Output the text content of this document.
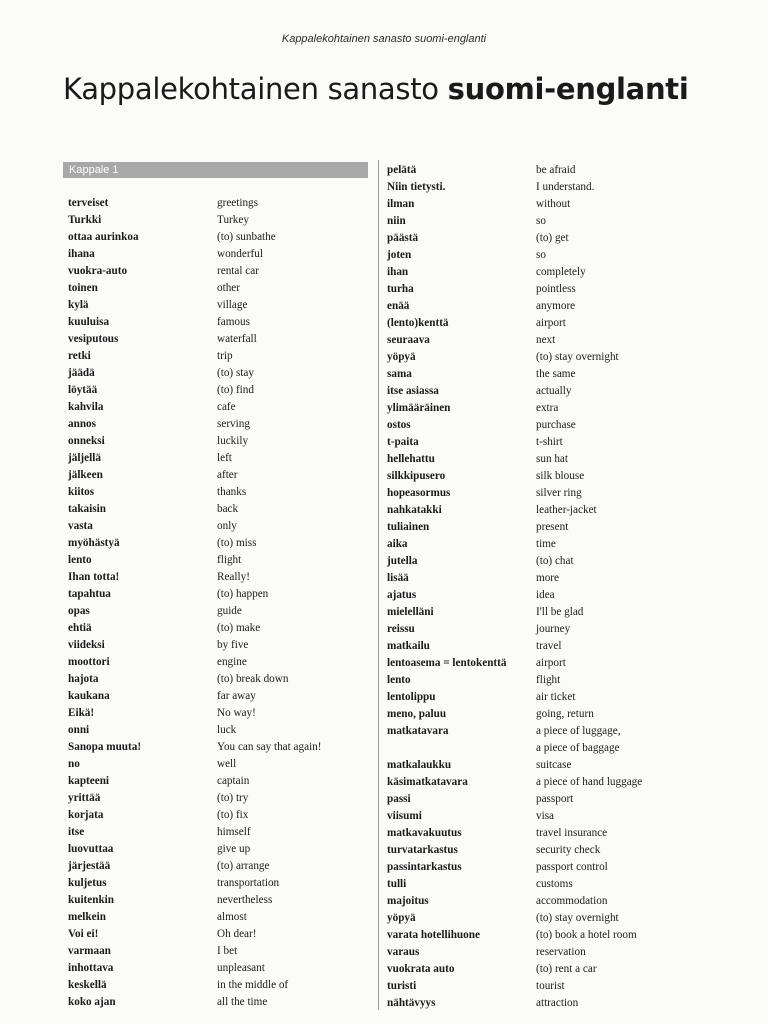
Kappalekohtainen sanasto suomi-englanti
Kappalekohtainen sanasto suomi-englanti
Kappale 1
terveiset	greetings
Turkki	Turkey
ottaa aurinkoa	(to) sunbathe
ihana	wonderful
vuokra-auto	rental car
toinen	other
kylä	village
kuuluisa	famous
vesiputous	waterfall
retki	trip
jäädä	(to) stay
löytää	(to) find
kahvila	cafe
annos	serving
onneksi	luckily
jäljellä	left
jälkeen	after
kiitos	thanks
takaisin	back
vasta	only
myöhästyä	(to) miss
lento	flight
Ihan totta!	Really!
tapahtua	(to) happen
opas	guide
ehtiä	(to) make
viideksi	by five
moottori	engine
hajota	(to) break down
kaukana	far away
Eikä!	No way!
onni	luck
Sanopa muuta!	You can say that again!
no	well
kapteeni	captain
yrittää	(to) try
korjata	(to) fix
itse	himself
luovuttaa	give up
järjestää	(to) arrange
kuljetus	transportation
kuitenkin	nevertheless
melkein	almost
Voi ei!	Oh dear!
varmaan	I bet
inhottava	unpleasant
keskellä	in the middle of
koko ajan	all the time
pelätä	be afraid
Niin tietysti.	I understand.
ilman	without
niin	so
päästä	(to) get
joten	so
ihan	completely
turha	pointless
enää	anymore
(lento)kenttä	airport
seuraava	next
yöpyä	(to) stay overnight
sama	the same
itse asiassa	actually
ylimääräinen	extra
ostos	purchase
t-paita	t-shirt
hellehattu	sun hat
silkkipusero	silk blouse
hopeasormus	silver ring
nahkatakki	leather-jacket
tuliainen	present
aika	time
jutella	(to) chat
lisää	more
ajatus	idea
mielelläni	I'll be glad
reissu	journey
matkailu	travel
lentoasema = lentokenttä	airport
lento	flight
lentolippu	air ticket
meno, paluu	going, return
matkatavara	a piece of luggage,
a piece of baggage
matkalaukku	suitcase
käsimatkatavara	a piece of hand luggage
passi	passport
viisumi	visa
matkavakuutus	travel insurance
turvatarkastus	security check
passintarkastus	passport control
tulli	customs
majoitus	accommodation
yöpyä	(to) stay overnight
varata hotellihuone	(to) book a hotel room
varaus	reservation
vuokrata auto	(to) rent a car
turisti	tourist
nähtävyys	attraction
